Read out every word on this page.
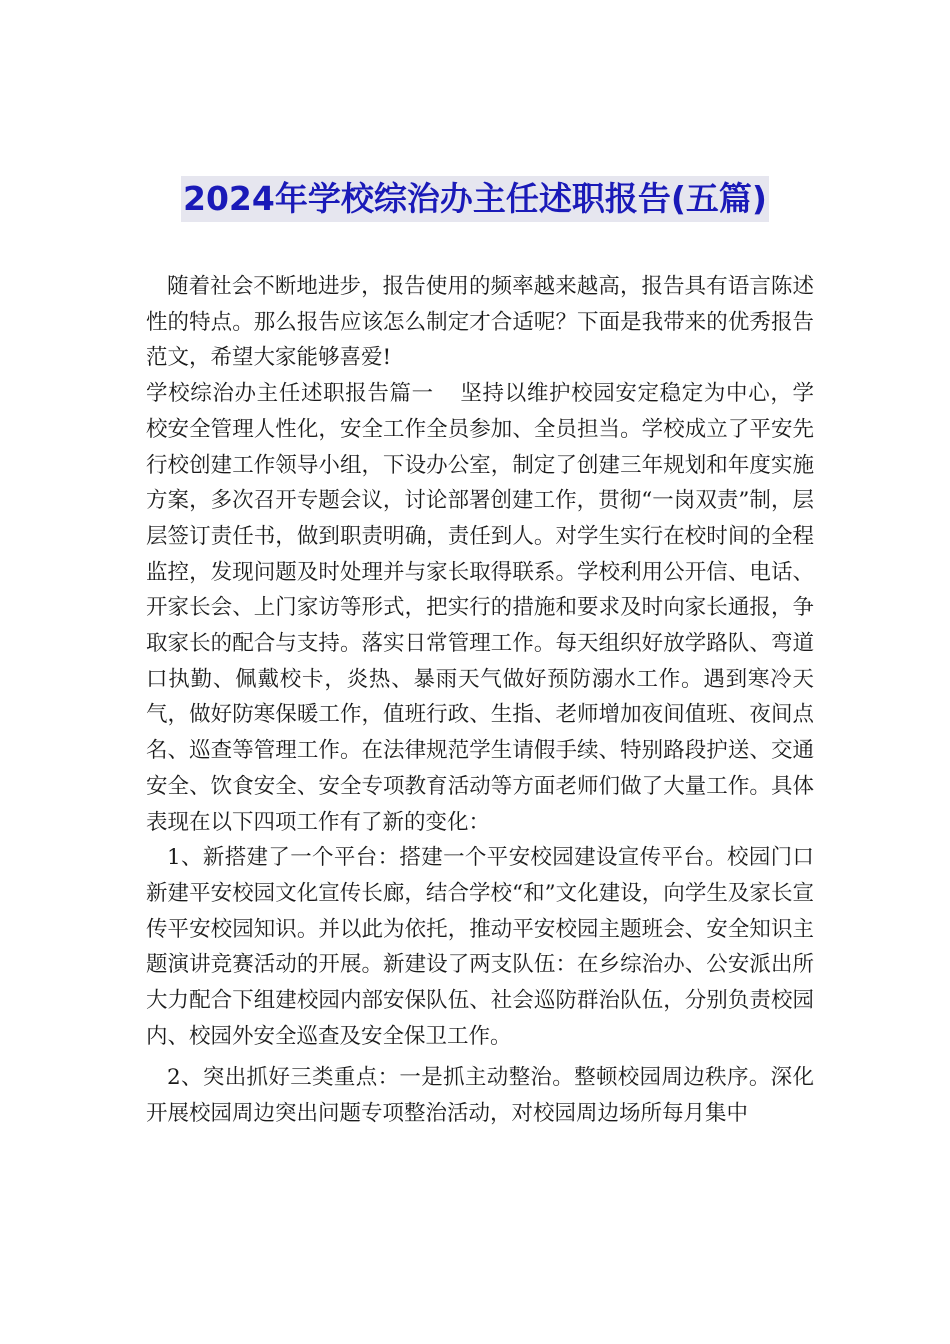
2024年学校综治办主任述职报告(五篇)

随着社会不断地进步，报告使用的频率越来越高，报告具有语言陈述性的特点。那么报告应该怎么制定才合适呢？下面是我带来的优秀报告范文，希望大家能够喜爱!

学校综治办主任述职报告篇一 坚持以维护校园安定稳定为中心，学校安全管理人性化，安全工作全员参加、全员担当。学校成立了平安先行校创建工作领导小组，下设办公室，制定了创建三年规划和年度实施方案，多次召开专题会议，讨论部署创建工作，贯彻“一岗双责”制，层层签订责任书，做到职责明确，责任到人。对学生实行在校时间的全程监控，发现问题及时处理并与家长取得联系。学校利用公开信、电话、开家长会、上门家访等形式，把实行的措施和要求及时向家长通报，争取家长的配合与支持。落实日常管理工作。每天组织好放学路队、弯道口执勤、佩戴校卡，炎热、暴雨天气做好预防溺水工作。遇到寒冷天气，做好防寒保暖工作，值班行政、生指、老师增加夜间值班、夜间点名、巡查等管理工作。在法律规范学生请假手续、特别路段护送、交通安全、饮食安全、安全专项教育活动等方面老师们做了大量工作。具体表现在以下四项工作有了新的变化：

1、新搭建了一个平台：搭建一个平安校园建设宣传平台。校园门口新建平安校园文化宣传长廊，结合学校“和”文化建设，向学生及家长宣传平安校园知识。并以此为依托，推动平安校园主题班会、安全知识主题演讲竞赛活动的开展。新建设了两支队伍：在乡综治办、公安派出所大力配合下组建校园内部安保队伍、社会巡防群治队伍，分别负责校园内、校园外安全巡查及安全保卫工作。

2、突出抓好三类重点：一是抓主动整治。整顿校园周边秩序。深化开展校园周边突出问题专项整治活动，对校园周边场所每月集中
